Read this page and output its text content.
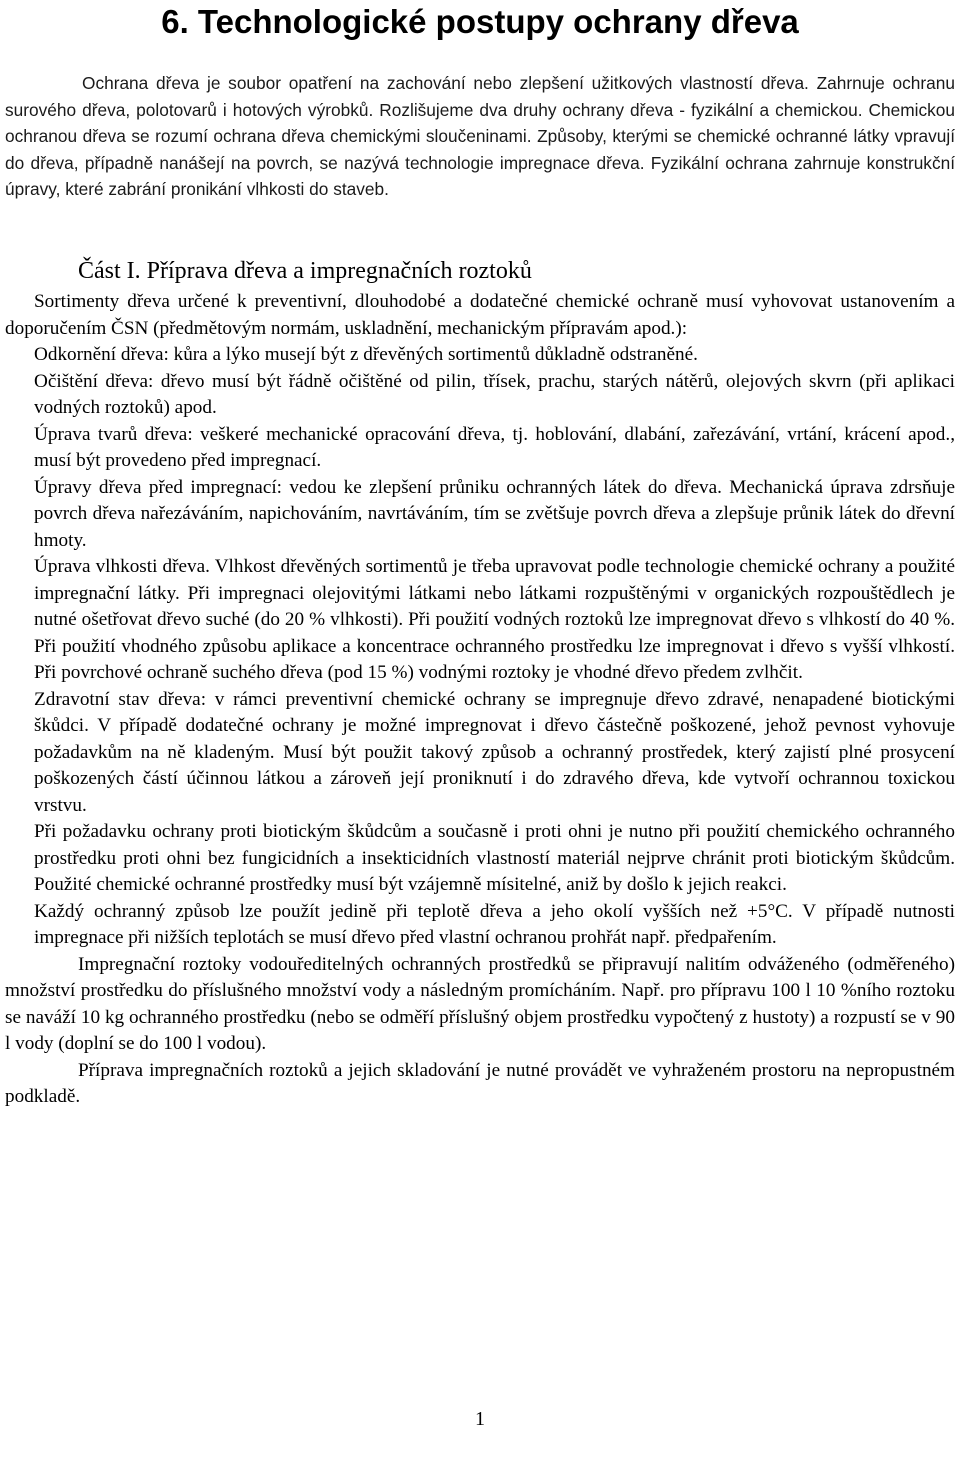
6. Technologické postupy ochrany dřeva

Ochrana dřeva je soubor opatření na zachování nebo zlepšení užitkových vlastností dřeva. Zahrnuje ochranu surového dřeva, polotovarů i hotových výrobků. Rozlišujeme dva druhy ochrany dřeva - fyzikální a chemickou. Chemickou ochranou dřeva se rozumí ochrana dřeva chemickými sloučeninami. Způsoby, kterými se chemické ochranné látky vpravují do dřeva, případně nanášejí na povrch, se nazývá technologie impregnace dřeva. Fyzikální ochrana zahrnuje konstrukční úpravy, které zabrání pronikání vlhkosti do staveb.

Část I. Příprava dřeva a impregnačních roztoků

Sortimenty dřeva určené k preventivní, dlouhodobé a dodatečné chemické ochraně musí vyhovovat ustanovením a doporučením ČSN (předmětovým normám, uskladnění, mechanickým přípravám apod.):

Odkornění dřeva: kůra a lýko musejí být z dřevěných sortimentů důkladně odstraněné.

Očištění dřeva: dřevo musí být řádně očištěné od pilin, třísek, prachu, starých nátěrů, olejových skvrn (při aplikaci vodných roztoků) apod.

Úprava tvarů dřeva: veškeré mechanické opracování dřeva, tj. hoblování, dlabání, zařezávání, vrtání, krácení apod., musí být provedeno před impregnací.

Úpravy dřeva před impregnací: vedou ke zlepšení průniku ochranných látek do dřeva. Mechanická úprava zdrsňuje povrch dřeva nařezáváním, napichováním, navrtáváním, tím se zvětšuje povrch dřeva a zlepšuje průnik látek do dřevní hmoty.

Úprava vlhkosti dřeva. Vlhkost dřevěných sortimentů je třeba upravovat podle technologie chemické ochrany a použité impregnační látky. Při impregnaci olejovitými látkami nebo látkami rozpuštěnými v organických rozpouštědlech je nutné ošetřovat dřevo suché (do 20 % vlhkosti). Při použití vodných roztoků lze impregnovat dřevo s vlhkostí do 40 %. Při použití vhodného způsobu aplikace a koncentrace ochranného prostředku lze impregnovat i dřevo s vyšší vlhkostí. Při povrchové ochraně suchého dřeva (pod 15 %) vodnými roztoky je vhodné dřevo předem zvlhčit.

Zdravotní stav dřeva: v rámci preventivní chemické ochrany se impregnuje dřevo zdravé, nenapadené biotickými škůdci. V případě dodatečné ochrany je možné impregnovat i dřevo částečně poškozené, jehož pevnost vyhovuje požadavkům na ně kladeným. Musí být použit takový způsob a ochranný prostředek, který zajistí plné prosycení poškozených částí účinnou látkou a zároveň její proniknutí i do zdravého dřeva, kde vytvoří ochrannou toxickou vrstvu.

Při požadavku ochrany proti biotickým škůdcům a současně i proti ohni je nutno při použití chemického ochranného prostředku proti ohni bez fungicidních a insekticidních vlastností materiál nejprve chránit proti biotickým škůdcům. Použité chemické ochranné prostředky musí být vzájemně mísitelné, aniž by došlo k jejich reakci.

Každý ochranný způsob lze použít jedině při teplotě dřeva a jeho okolí vyšších než +5°C. V případě nutnosti impregnace při nižších teplotách se musí dřevo před vlastní ochranou prohřát např. předpařením.

Impregnační roztoky vodouředitelných ochranných prostředků se připravují nalitím odváženého (odměřeného) množství prostředku do příslušného množství vody a následným promícháním. Např. pro přípravu 100 l 10 %ního roztoku se naváží 10 kg ochranného prostředku (nebo se odměří příslušný objem prostředku vypočtený z hustoty) a rozpustí se v 90 l vody (doplní se do 100 l vodou).

Příprava impregnačních roztoků a jejich skladování je nutné provádět ve vyhraženém prostoru na nepropustném podkladě.

1
